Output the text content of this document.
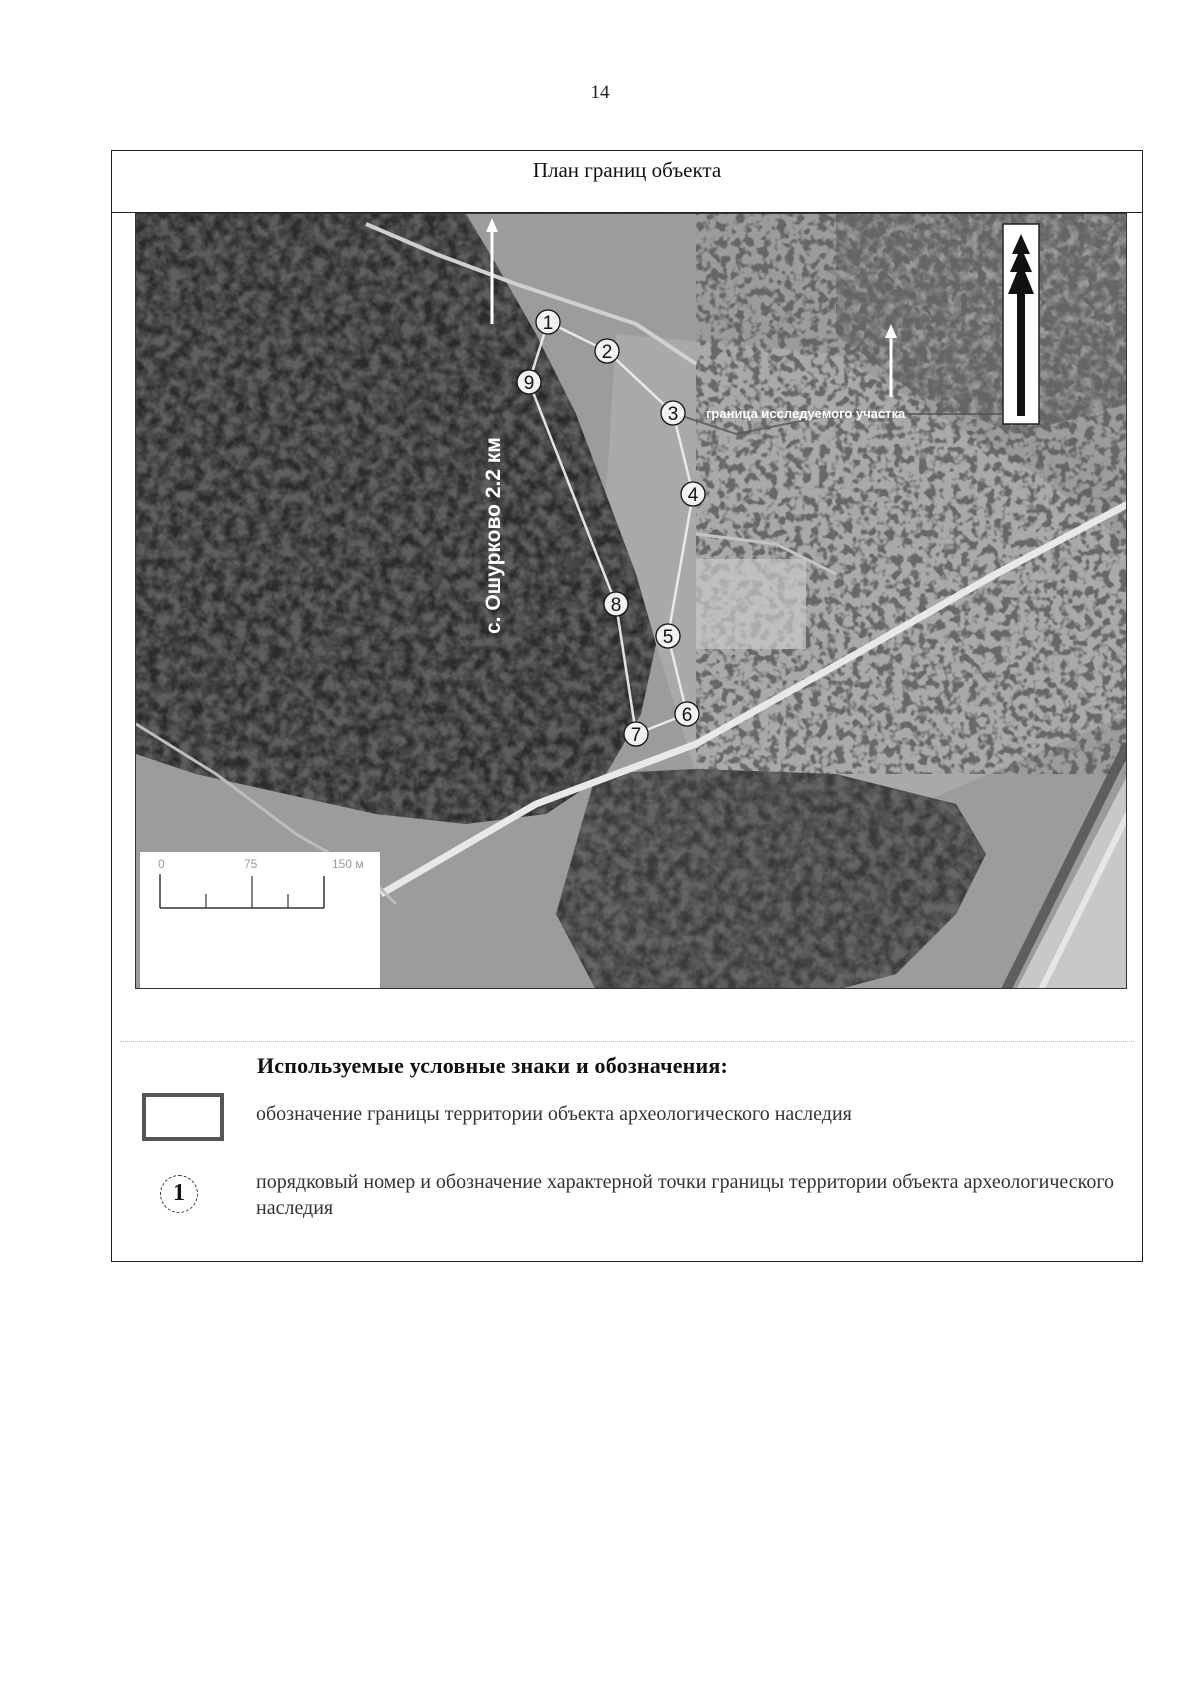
14
План границ объекта
с. Ошурково 2.2 км
граница исследуемого участка
1
2
3
4
5
6
7
8
9
0	75	150 м
Используемые условные знаки и обозначения:
обозначение границы территории объекта археологического наследия
1	порядковый номер и обозначение характерной точки границы территории объекта археологического наследия
